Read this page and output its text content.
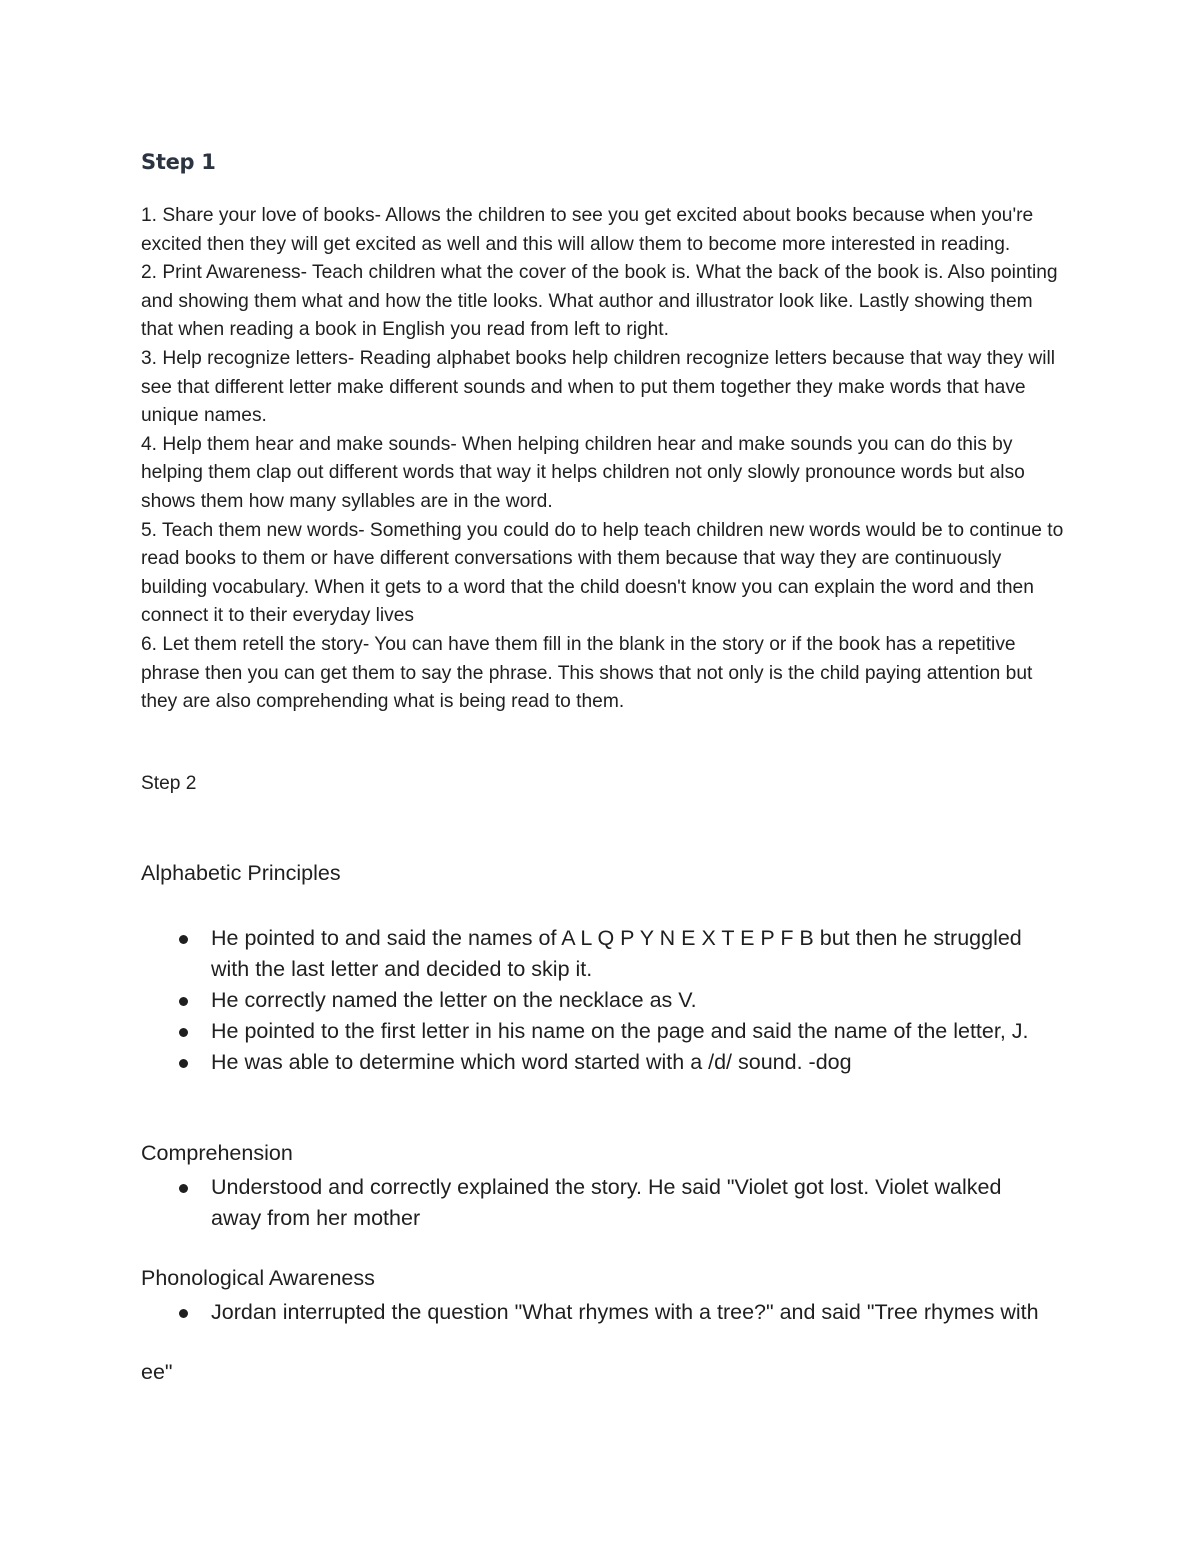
Step 1

1. Share your love of books- Allows the children to see you get excited about books because when you're excited then they will get excited as well and this will allow them to become more interested in reading.

2. Print Awareness- Teach children what the cover of the book is. What the back of the book is. Also pointing and showing them what and how the title looks. What author and illustrator look like. Lastly showing them that when reading a book in English you read from left to right.

3. Help recognize letters- Reading alphabet books help children recognize letters because that way they will see that different letter make different sounds and when to put them together they make words that have unique names.

4. Help them hear and make sounds- When helping children hear and make sounds you can do this by helping them clap out different words that way it helps children not only slowly pronounce words but also shows them how many syllables are in the word.

5. Teach them new words- Something you could do to help teach children new words would be to continue to read books to them or have different conversations with them because that way they are continuously building vocabulary. When it gets to a word that the child doesn't know you can explain the word and then connect it to their everyday lives

6. Let them retell the story- You can have them fill in the blank in the story or if the book has a repetitive phrase then you can get them to say the phrase. This shows that not only is the child paying attention but they are also comprehending what is being read to them.

Step 2
Alphabetic Principles
He pointed to and said the names of A L Q P Y N E X T E P F B but then he struggled with the last letter and decided to skip it.
He correctly named the letter on the necklace as V.
He pointed to the first letter in his name on the page and said the name of the letter, J.
He was able to determine which word started with a /d/ sound. -dog
Comprehension
Understood and correctly explained the story. He said "Violet got lost. Violet walked away from her mother
Phonological Awareness
Jordan interrupted the question "What rhymes with a tree?" and said "Tree rhymes with

ee"
